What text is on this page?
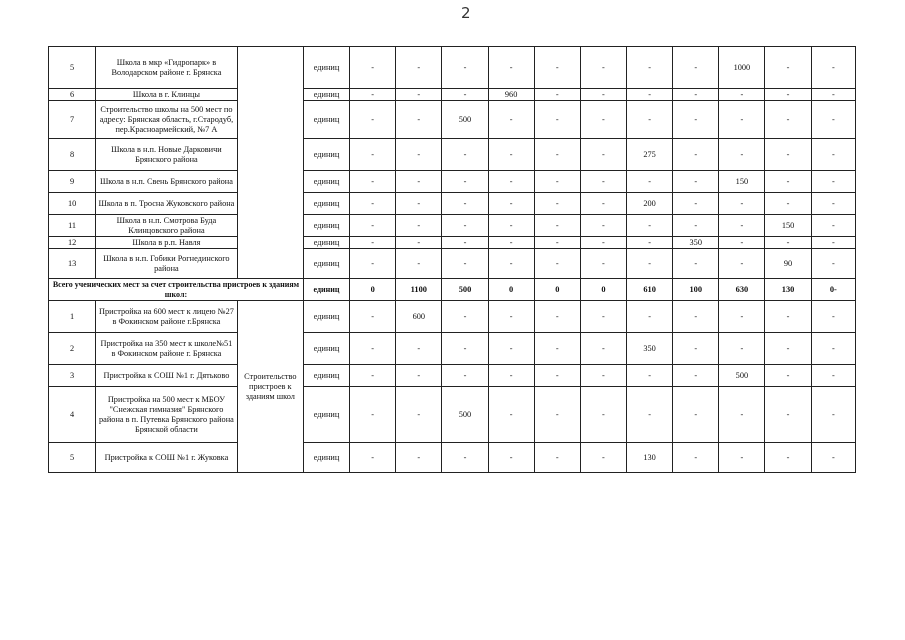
2
5	Школа в мкр «Гидропарк» в Володарском районе г. Брянска		единиц	-	-	-	-	-	-	-	-	1000	-	-
6	Школа в г. Клинцы		единиц	-	-	-	960	-	-	-	-	-	-	-
7	Строительство школы на 500 мест по адресу: Брянская область, г.Стародуб, пер.Красноармейский, №7 А		единиц	-	-	500	-	-	-	-	-	-	-	-
8	Школа в н.п. Новые Дарковичи Брянского района		единиц	-	-	-	-	-	-	275	-	-	-	-
9	Школа в н.п. Свень Брянского района		единиц	-	-	-	-	-	-	-	-	150	-	-
10	Школа в п. Тросна Жуковского района		единиц	-	-	-	-	-	-	200	-	-	-	-
11	Школа в н.п. Смотрова Буда Клинцовского района		единиц	-	-	-	-	-	-	-	-	-	150	-
12	Школа в р.п. Навля		единиц	-	-	-	-	-	-	-	350	-	-	-
13	Школа в н.п. Гобики Рогнединского района		единиц	-	-	-	-	-	-	-	-	-	90	-
Всего ученических мест за счет строительства пристроев к зданиям школ:			единиц	0	1100	500	0	0	0	610	100	630	130	0-
1	Пристройка на 600 мест к лицею №27 в Фокинском районе г.Брянска	Строительство пристроев к зданиям школ	единиц	-	600	-	-	-	-	-	-	-	-	-
2	Пристройка на 350 мест к школе№51 в Фокинском районе г. Брянска		единиц	-	-	-	-	-	-	350	-	-	-	-
3	Пристройка к СОШ №1 г. Дятьково		единиц	-	-	-	-	-	-	-	-	500	-	-
4	Пристройка на 500 мест к МБОУ "Снежская гимназия" Брянского района в п. Путевка Брянского района Брянской области		единиц	-	-	500	-	-	-	-	-	-	-	-
5	Пристройка к СОШ №1 г. Жуковка		единиц	-	-	-	-	-	-	130	-	-	-	-
